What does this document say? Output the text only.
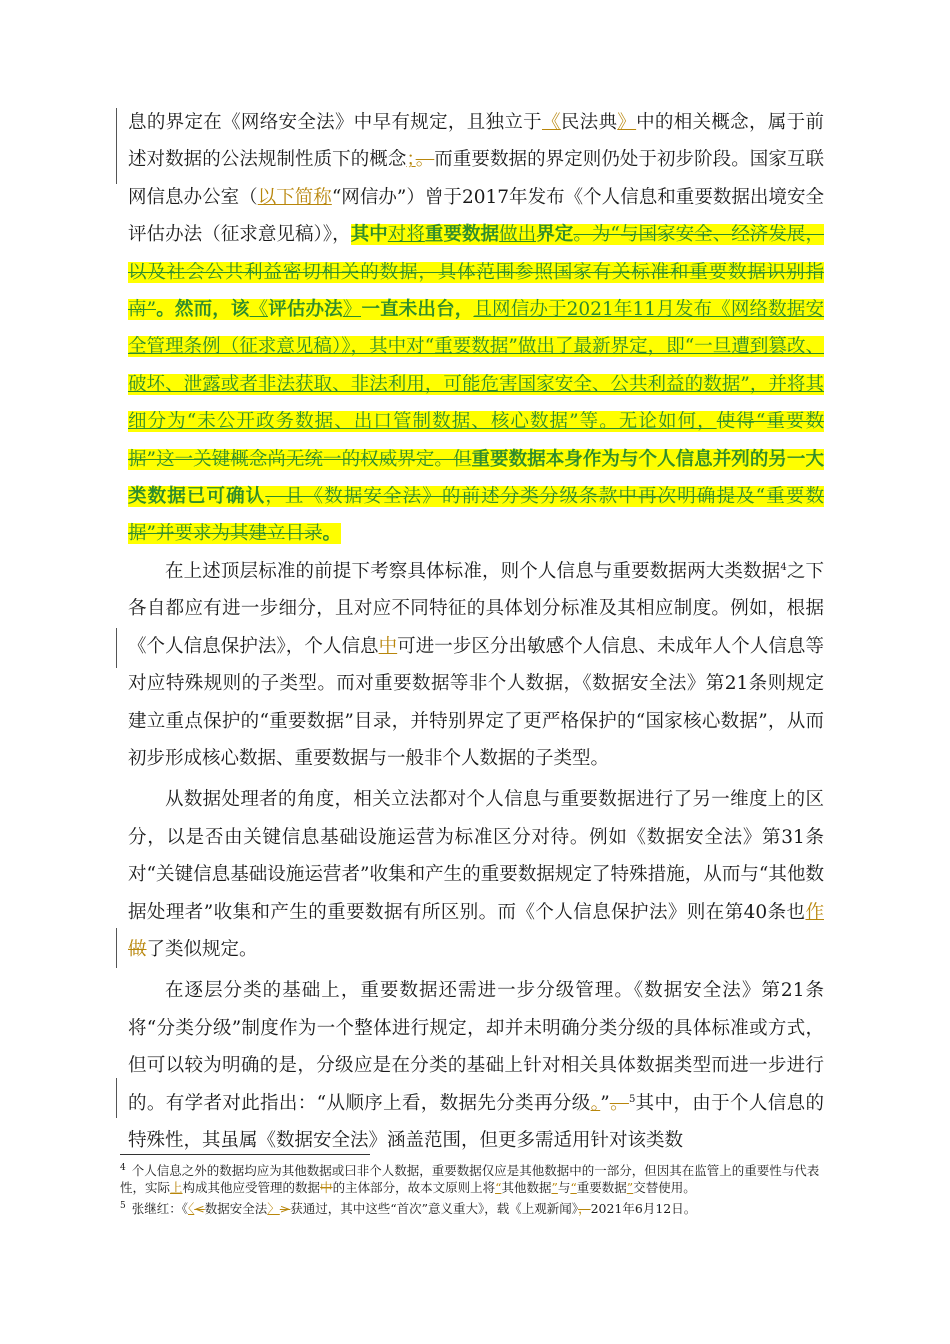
息的界定在《网络安全法》中早有规定，且独立于《民法典》中的相关概念，属于前述对数据的公法规制性质下的概念；。而重要数据的界定则仍处于初步阶段。国家互联网信息办公室（以下简称“网信办”）曾于2017年发布《个人信息和重要数据出境安全评估办法（征求意见稿）》，其中对将重要数据做出界定。为“与国家安全、经济发展，以及社会公共利益密切相关的数据，具体范围参照国家有关标准和重要数据识别指南”。然而，该《评估办法》一直未出台，且网信办于2021年11月发布《网络数据安全管理条例（征求意见稿）》，其中对“重要数据”做出了最新界定，即“一旦遭到篡改、破坏、泄露或者非法获取、非法利用，可能危害国家安全、公共利益的数据”，并将其细分为“未公开政务数据、出口管制数据、核心数据”等。无论如何，使得“重要数据”这一关键概念尚无统一的权威界定。但重要数据本身作为与个人信息并列的另一大类数据已可确认，且《数据安全法》的前述分类分级条款中再次明确提及“重要数据”并要求为其建立目录。

在上述顶层标准的前提下考察具体标准，则个人信息与重要数据两大类数据$^4$之下各自都应有进一步细分，且对应不同特征的具体划分标准及其相应制度。例如，根据《个人信息保护法》，个人信息中可进一步区分出敏感个人信息、未成年人个人信息等对应特殊规则的子类型。而对重要数据等非个人数据，《数据安全法》第21条则规定建立重点保护的“重要数据”目录，并特别界定了更严格保护的“国家核心数据”，从而初步形成核心数据、重要数据与一般非个人数据的子类型。

从数据处理者的角度，相关立法都对个人信息与重要数据进行了另一维度上的区分，以是否由关键信息基础设施运营为标准区分对待。例如《数据安全法》第31条对“关键信息基础设施运营者”收集和产生的重要数据规定了特殊措施，从而与“其他数据处理者”收集和产生的重要数据有所区别。而《个人信息保护法》则在第40条也作做了类似规定。

在逐层分类的基础上，重要数据还需进一步分级管理。《数据安全法》第21条将“分类分级”制度作为一个整体进行规定，却并未明确分类分级的具体标准或方式，但可以较为明确的是，分级应是在分类的基础上针对相关具体数据类型而进一步进行的。有学者对此指出：“从顺序上看，数据先分类再分级。”。$^5$其中，由于个人信息的特殊性，其虽属《数据安全法》涵盖范围，但更多需适用针对该类数

$^4$ 个人信息之外的数据均应为其他数据或曰非个人数据，重要数据仅应是其他数据中的一部分，但因其在监管上的重要性与代表性，实际上构成其他应受管理的数据中的主体部分，故本文原则上将“其他数据”与“重要数据”交替使用。

$^5$ 张继红：《〈<数据安全法〉>获通过，其中这些“首次”意义重大》，载《上观新闻》，2021年6月12日。
